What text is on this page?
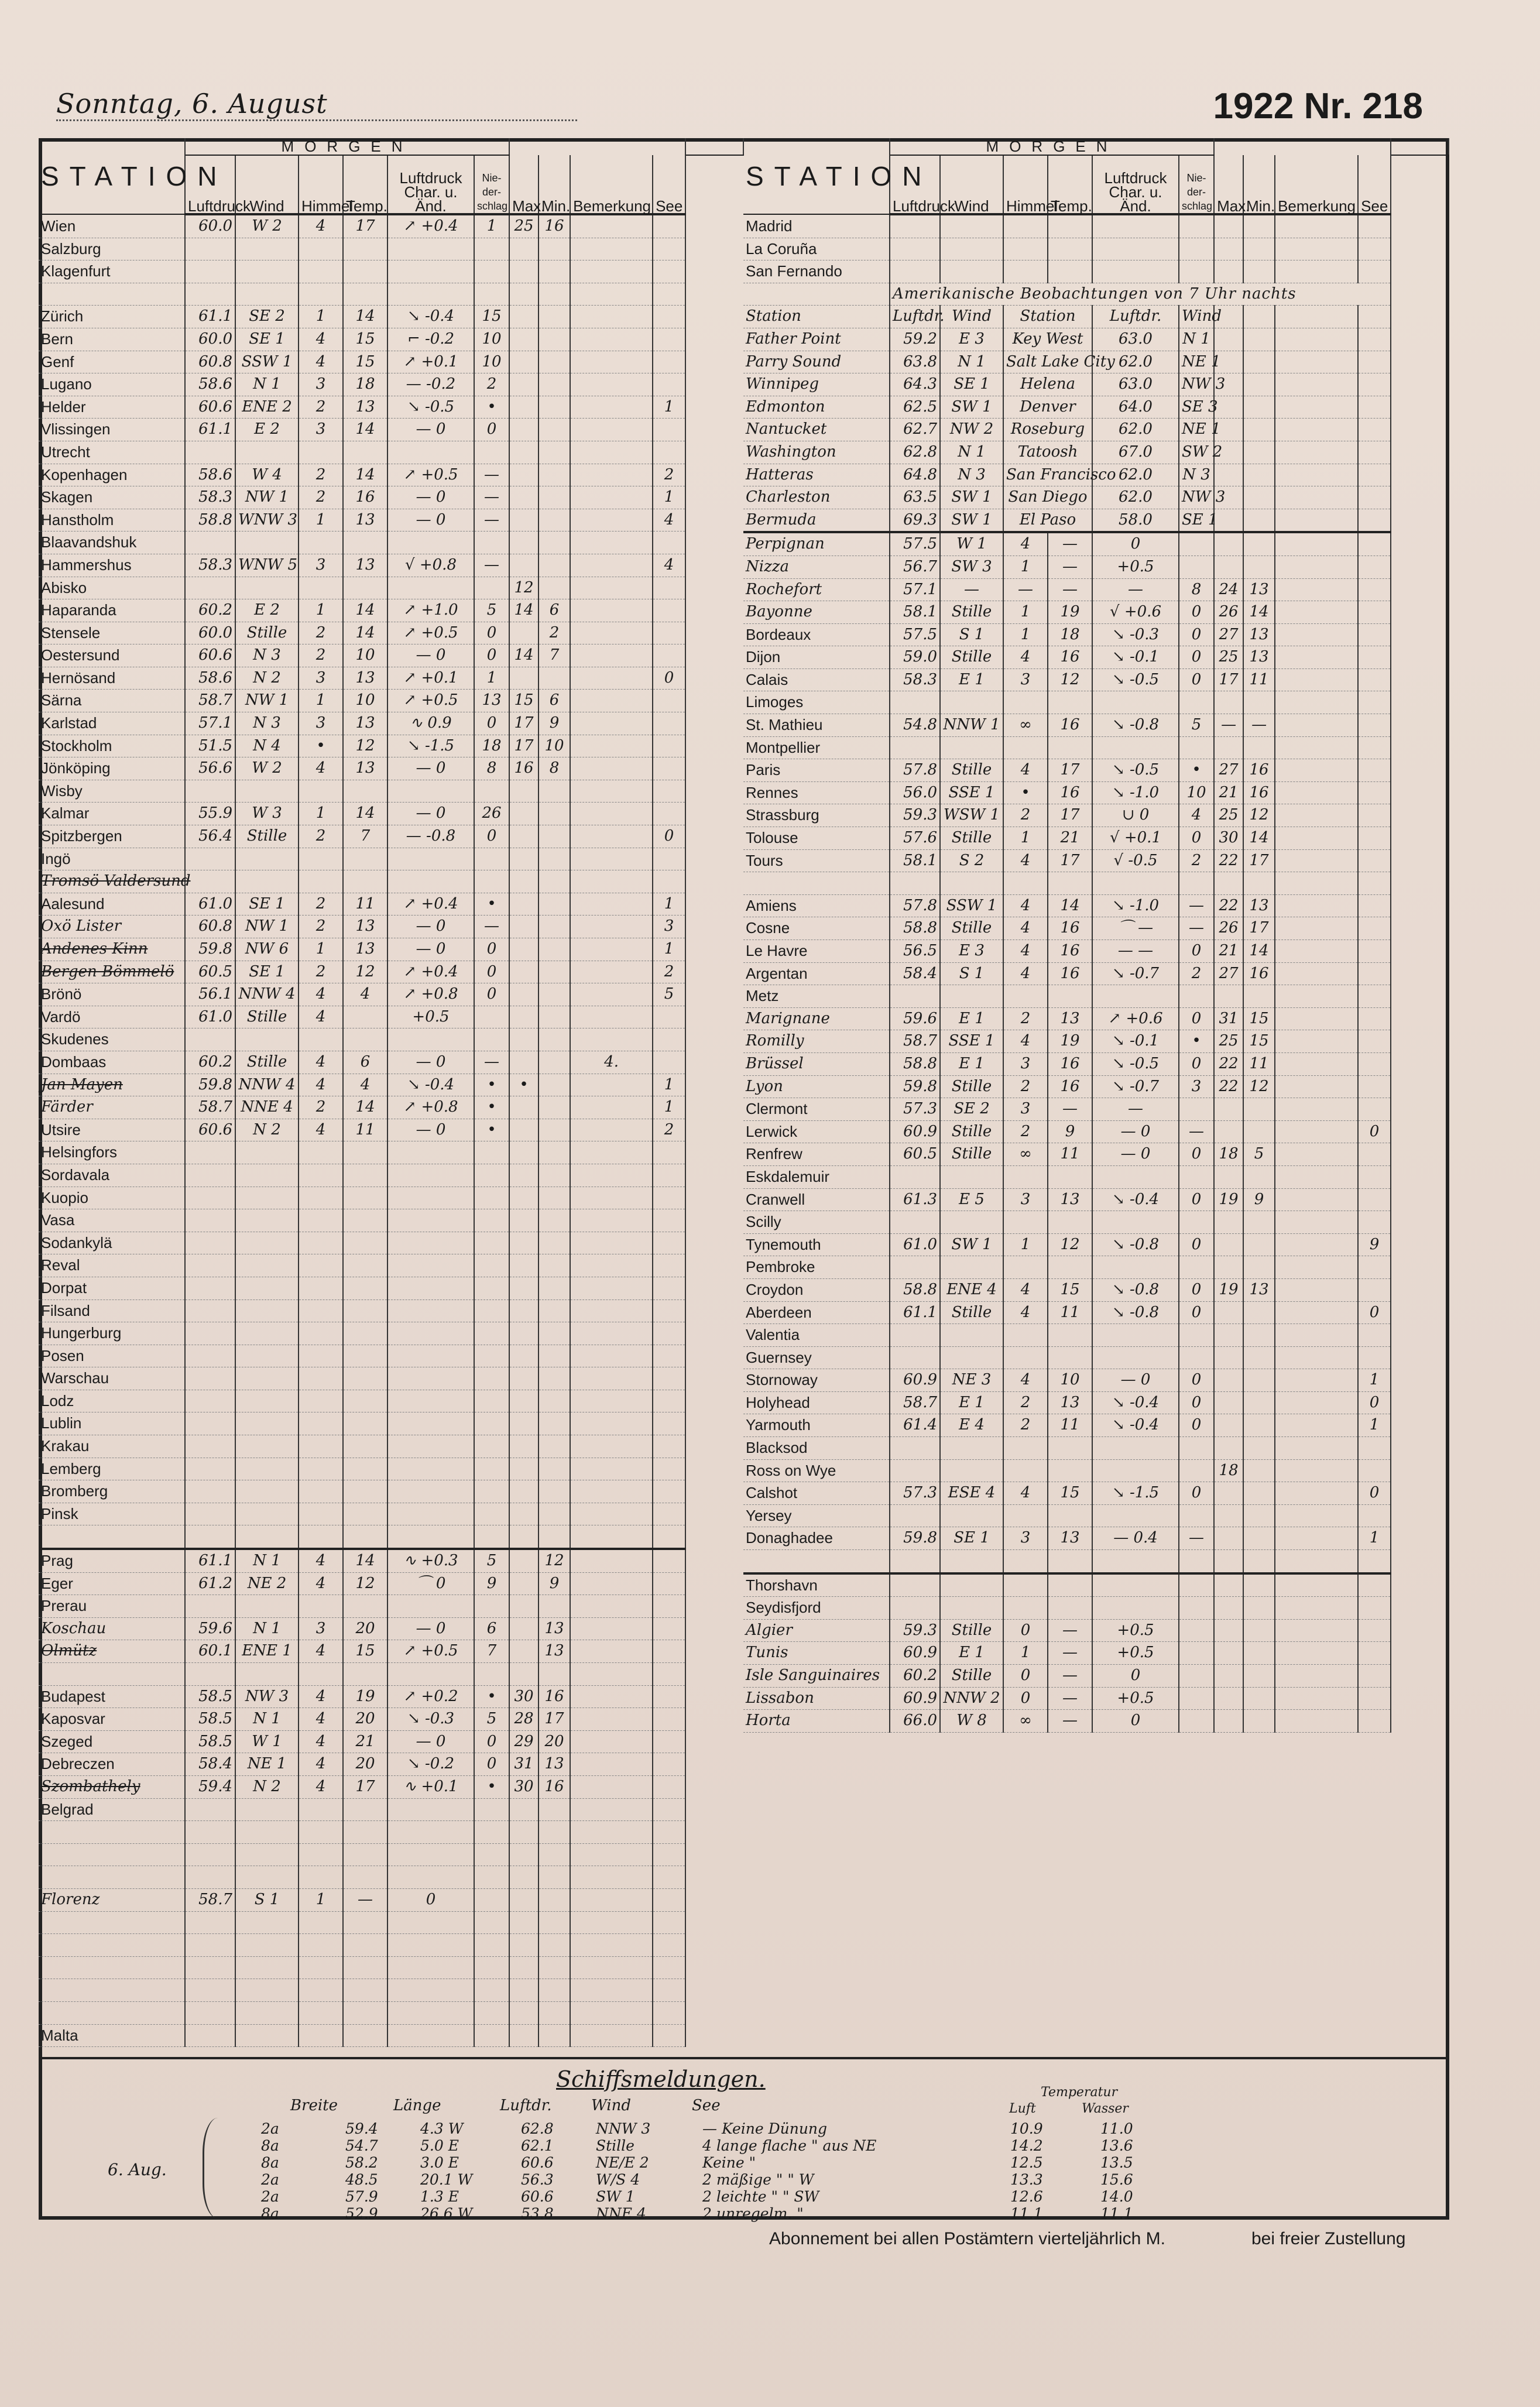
Sonntag, 6. August	1922 Nr. 218
STATION	MORGEN										
	Luftdruck	Wind	Himmel	Temp.	Luftdruck Char. u. Änd.	Nie-der-schlag	Max.	Min.	Bemerkung	See	
Wien	60.0	W 2	4	17	↗ +0.4	1	25	16			
Salzburg											
Klagenfurt											

Zürich	61.1	SE 2	1	14	↘ -0.4	15					
Bern	60.0	SE 1	4	15	⌐ -0.2	10					
Genf	60.8	SSW 1	4	15	↗ +0.1	10					
Lugano	58.6	N 1	3	18	— -0.2	2					
Helder	60.6	ENE 2	2	13	↘ -0.5	•				1	
Vlissingen	61.1	E 2	3	14	— 0	0					
Utrecht											
Kopenhagen	58.6	W 4	2	14	↗ +0.5	—				2	
Skagen	58.3	NW 1	2	16	— 0	—				1	
Hanstholm	58.8	WNW 3	1	13	— 0	—				4	
Blaavandshuk											
Hammershus	58.3	WNW 5	3	13	√ +0.8	—				4	
Abisko							12				
Haparanda	60.2	E 2	1	14	↗ +1.0	5	14	6			
Stensele	60.0	Stille	2	14	↗ +0.5	0		2			
Oestersund	60.6	N 3	2	10	— 0	0	14	7			
Hernösand	58.6	N 2	3	13	↗ +0.1	1				0	
Särna	58.7	NW 1	1	10	↗ +0.5	13	15	6			
Karlstad	57.1	N 3	3	13	∿ 0.9	0	17	9			
Stockholm	51.5	N 4	•	12	↘ -1.5	18	17	10			
Jönköping	56.6	W 2	4	13	— 0	8	16	8			
Wisby											
Kalmar	55.9	W 3	1	14	— 0	26					
Spitzbergen	56.4	Stille	2	7	— -0.8	0				0	
Ingö											
Tromsö Valdersund											
Aalesund	61.0	SE 1	2	11	↗ +0.4	•				1	
Oxö Lister	60.8	NW 1	2	13	— 0	—				3	
Andenes Kinn	59.8	NW 6	1	13	— 0	0				1	
Bergen Bömmelö	60.5	SE 1	2	12	↗ +0.4	0				2	
Brönö	56.1	NNW 4	4	4	↗ +0.8	0				5	
Vardö	61.0	Stille	4		+0.5						
Skudenes											
Dombaas	60.2	Stille	4	6	— 0	—			4.		
Jan Mayen	59.8	NNW 4	4	4	↘ -0.4	•	•			1	
Färder	58.7	NNE 4	2	14	↗ +0.8	•				1	
Utsire	60.6	N 2	4	11	— 0	•				2	
Helsingfors											
Sordavala											
Kuopio											
Vasa											
Sodankylä											
Reval											
Dorpat											
Filsand											
Hungerburg											
Posen											
Warschau											
Lodz											
Lublin											
Krakau											
Lemberg											
Bromberg											
Pinsk											

Prag	61.1	N 1	4	14	∿ +0.3	5		12			
Eger	61.2	NE 2	4	12	⌒ 0	9		9			
Prerau											
Koschau	59.6	N 1	3	20	— 0	6		13			
Olmütz	60.1	ENE 1	4	15	↗ +0.5	7		13			

Budapest	58.5	NW 3	4	19	↗ +0.2	•	30	16			
Kaposvar	58.5	N 1	4	20	↘ -0.3	5	28	17			
Szeged	58.5	W 1	4	21	— 0	0	29	20			
Debreczen	58.4	NE 1	4	20	↘ -0.2	0	31	13			
Szombathely	59.4	N 2	4	17	∿ +0.1	•	30	16			
Belgrad											

Florenz	58.7	S 1	1	—	0						

Malta											
STATION	MORGEN										
	Luftdruck	Wind	Himmel	Temp.	Luftdruck Char. u. Änd.	Nie-der-schlag	Max.	Min.	Bemerkung	See	
Madrid											
La Coruña											
San Fernando											
	Amerikanische Beobachtungen von 7 Uhr nachts										
Station	Luftdr.	Wind	Station		Luftdr.	Wind					
Father Point	59.2	E 3	Key West		63.0	N 1					
Parry Sound	63.8	N 1	Salt Lake City		62.0	NE 1					
Winnipeg	64.3	SE 1	Helena		63.0	NW 3					
Edmonton	62.5	SW 1	Denver		64.0	SE 3					
Nantucket	62.7	NW 2	Roseburg		62.0	NE 1					
Washington	62.8	N 1	Tatoosh		67.0	SW 2					
Hatteras	64.8	N 3	San Francisco		62.0	N 3					
Charleston	63.5	SW 1	San Diego		62.0	NW 3					
Bermuda	69.3	SW 1	El Paso		58.0	SE 1					
Perpignan	57.5	W 1	4	—	0						
Nizza	56.7	SW 3	1	—	+0.5						
Rochefort	57.1	—	—	—	—	8	24	13			
Bayonne	58.1	Stille	1	19	√ +0.6	0	26	14			
Bordeaux	57.5	S 1	1	18	↘ -0.3	0	27	13			
Dijon	59.0	Stille	4	16	↘ -0.1	0	25	13			
Calais	58.3	E 1	3	12	↘ -0.5	0	17	11			
Limoges											
St. Mathieu	54.8	NNW 1	∞	16	↘ -0.8	5	—	—			
Montpellier											
Paris	57.8	Stille	4	17	↘ -0.5	•	27	16			
Rennes	56.0	SSE 1	•	16	↘ -1.0	10	21	16			
Strassburg	59.3	WSW 1	2	17	∪ 0	4	25	12			
Tolouse	57.6	Stille	1	21	√ +0.1	0	30	14			
Tours	58.1	S 2	4	17	√ -0.5	2	22	17			

Amiens	57.8	SSW 1	4	14	↘ -1.0	—	22	13			
Cosne	58.8	Stille	4	16	⌒ —	—	26	17			
Le Havre	56.5	E 3	4	16	— —	0	21	14			
Argentan	58.4	S 1	4	16	↘ -0.7	2	27	16			
Metz											
Marignane	59.6	E 1	2	13	↗ +0.6	0	31	15			
Romilly	58.7	SSE 1	4	19	↘ -0.1	•	25	15			
Brüssel	58.8	E 1	3	16	↘ -0.5	0	22	11			
Lyon	59.8	Stille	2	16	↘ -0.7	3	22	12			
Clermont	57.3	SE 2	3	—	—						
Lerwick	60.9	Stille	2	9	— 0	—				0	
Renfrew	60.5	Stille	∞	11	— 0	0	18	5			
Eskdalemuir											
Cranwell	61.3	E 5	3	13	↘ -0.4	0	19	9			
Scilly											
Tynemouth	61.0	SW 1	1	12	↘ -0.8	0				9	
Pembroke											
Croydon	58.8	ENE 4	4	15	↘ -0.8	0	19	13			
Aberdeen	61.1	Stille	4	11	↘ -0.8	0				0	
Valentia											
Guernsey											
Stornoway	60.9	NE 3	4	10	— 0	0				1	
Holyhead	58.7	E 1	2	13	↘ -0.4	0				0	
Yarmouth	61.4	E 4	2	11	↘ -0.4	0				1	
Blacksod											
Ross on Wye							18				
Calshot	57.3	ESE 4	4	15	↘ -1.5	0				0	
Yersey											
Donaghadee	59.8	SE 1	3	13	— 0.4	—				1	

Thorshavn											
Seydisfjord											
Algier	59.3	Stille	0	—	+0.5						
Tunis	60.9	E 1	1	—	+0.5						
Isle Sanguinaires	60.2	Stille	0	—	0						
Lissabon	60.9	NNW 2	0	—	+0.5						
Horta	66.0	W 8	∞	—	0						
Schiffsmeldungen.
Breite	Länge	Luftdr.	Wind	See
Temperatur
Luft	Wasser
6. Aug.
2a	59.4	4.3 W	62.8	NNW 3	— Keine Dünung	10.9	11.0
8a	54.7	5.0 E	62.1	Stille	4 lange flache " aus NE	14.2	13.6
8a	58.2	3.0 E	60.6	NE/E 2	Keine "	12.5	13.5
2a	48.5	20.1 W	56.3	W/S 4	2 mäßige " " W	13.3	15.6
2a	57.9	1.3 E	60.6	SW 1	2 leichte " " SW	12.6	14.0
8a	52.9	26.6 W	53.8	NNE 4	2 unregelm. "	11.1	11.1
Abonnement bei allen Postämtern vierteljährlich M.	bei freier Zustellung
